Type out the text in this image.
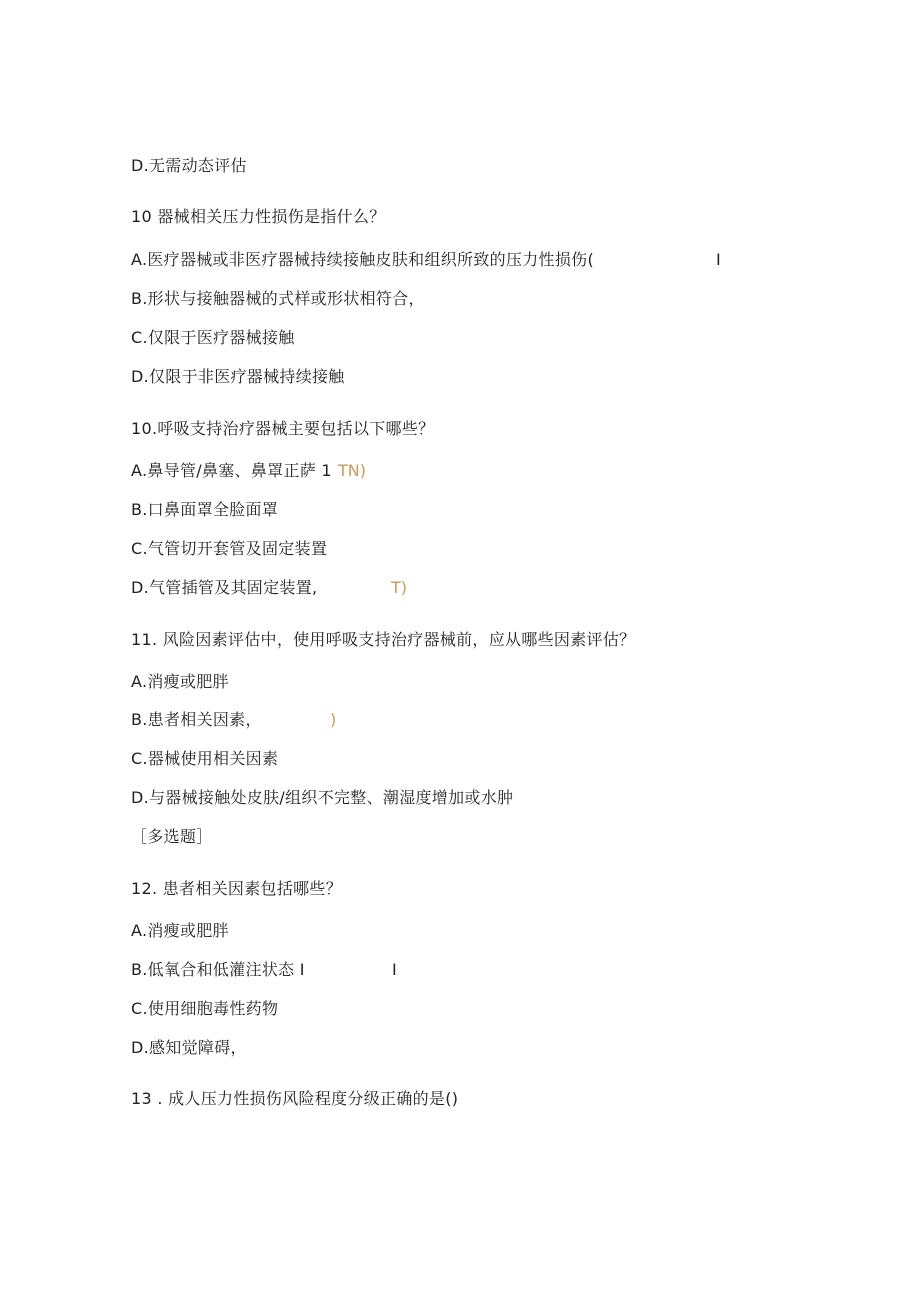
D.无需动态评估
10 器械相关压力性损伤是指什么？
A.医疗器械或非医疗器械持续接触皮肤和组织所致的压力性损伤(	I
B.形状与接触器械的式样或形状相符合，
C.仅限于医疗器械接触
D.仅限于非医疗器械持续接触
10.呼吸支持治疗器械主要包括以下哪些？
A.鼻导管/鼻塞、鼻罩正萨 1 TN)
B.口鼻面罩全脸面罩
C.气管切开套管及固定装置
D.气管插管及其固定装置,	T)
11. 风险因素评估中，使用呼吸支持治疗器械前，应从哪些因素评估？
A.消瘦或肥胖
B.患者相关因素，	)
C.器械使用相关因素
D.与器械接触处皮肤/组织不完整、潮湿度增加或水肿
［多选题］
12. 患者相关因素包括哪些？
A.消瘦或肥胖
B.低氧合和低灌注状态 I	I
C.使用细胞毒性药物
D.感知觉障碍，
13 . 成人压力性损伤风险程度分级正确的是()
